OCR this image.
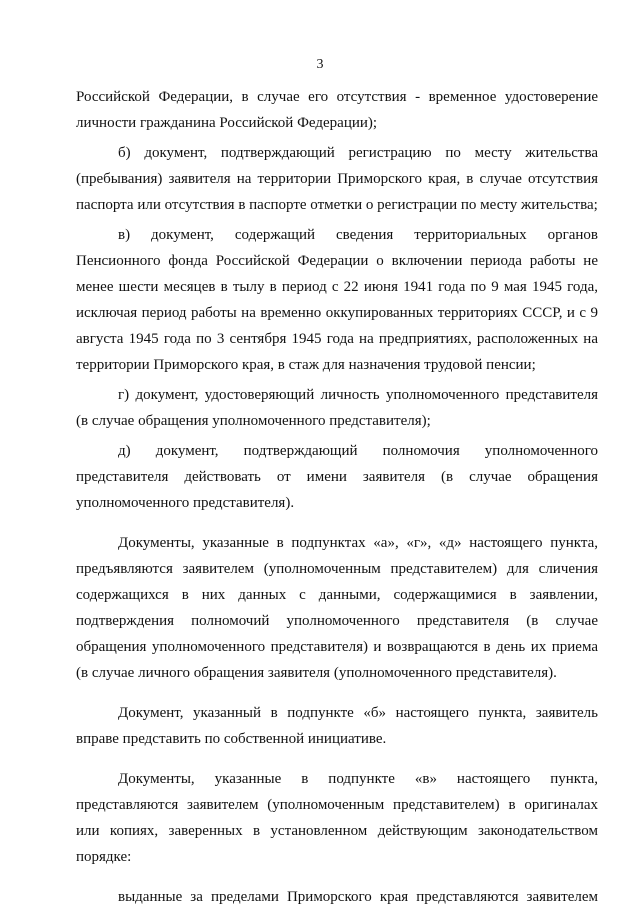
3

Российской Федерации, в случае его отсутствия - временное удостоверение личности гражданина Российской Федерации);

б) документ, подтверждающий регистрацию по месту жительства (пребывания) заявителя на территории Приморского края, в случае отсутствия паспорта или отсутствия в паспорте отметки о регистрации по месту жительства;

в) документ, содержащий сведения территориальных органов Пенсионного фонда Российской Федерации о включении периода работы не менее шести месяцев в тылу в период с 22 июня 1941 года по 9 мая 1945 года, исключая период работы на временно оккупированных территориях СССР, и с 9 августа 1945 года по 3 сентября 1945 года на предприятиях, расположенных на территории Приморского края, в стаж для назначения трудовой пенсии;

г) документ, удостоверяющий личность уполномоченного представителя (в случае обращения уполномоченного представителя);

д) документ, подтверждающий полномочия уполномоченного представителя действовать от имени заявителя (в случае обращения уполномоченного представителя).

Документы, указанные в подпунктах «а», «г», «д» настоящего пункта, предъявляются заявителем (уполномоченным представителем) для сличения содержащихся в них данных с данными, содержащимися в заявлении, подтверждения полномочий уполномоченного представителя (в случае обращения уполномоченного представителя) и возвращаются в день их приема (в случае личного обращения заявителя (уполномоченного представителя).

Документ, указанный в подпункте «б» настоящего пункта, заявитель вправе представить по собственной инициативе.

Документы, указанные в подпункте «в» настоящего пункта, представляются заявителем (уполномоченным представителем) в оригиналах или копиях, заверенных в установленном действующим законодательством порядке:

выданные за пределами Приморского края представляются заявителем
